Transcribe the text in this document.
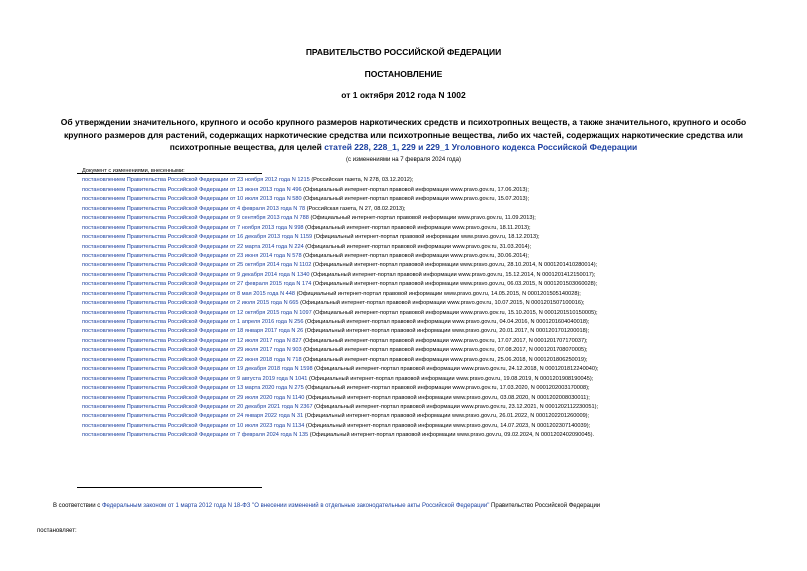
ПРАВИТЕЛЬСТВО РОССИЙСКОЙ ФЕДЕРАЦИИ
ПОСТАНОВЛЕНИЕ
от 1 октября 2012 года N 1002
Об утверждении значительного, крупного и особо крупного размеров наркотических средств и психотропных веществ, а также значительного, крупного и особо
крупного размеров для растений, содержащих наркотические средства или психотропные вещества, либо их частей, содержащих наркотические средства или
психотропные вещества, для целей статей 228, 228_1, 229 и 229_1 Уголовного кодекса Российской Федерации
(с изменениями на 7 февраля 2024 года)
Документ с изменениями, внесенными:
постановлением Правительства Российской Федерации от 23 ноября 2012 года N 1215 (Российская газета, N 278, 03.12.2012);
постановлением Правительства Российской Федерации от 13 июня 2013 года N 496 (Официальный интернет-портал правовой информации www.pravo.gov.ru, 17.06.2013);
постановлением Правительства Российской Федерации от 10 июля 2013 года N 580 (Официальный интернет-портал правовой информации www.pravo.gov.ru, 15.07.2013);
постановлением Правительства Российской Федерации от 4 февраля 2013 года N 78 (Российская газета, N 27, 08.02.2013);
постановлением Правительства Российской Федерации от 9 сентября 2013 года N 788 (Официальный интернет-портал правовой информации www.pravo.gov.ru, 11.09.2013);
постановлением Правительства Российской Федерации от 7 ноября 2013 года N 998 (Официальный интернет-портал правовой информации www.pravo.gov.ru, 18.11.2013);
постановлением Правительства Российской Федерации от 16 декабря 2013 года N 1159 (Официальный интернет-портал правовой информации www.pravo.gov.ru, 18.12.2013);
постановлением Правительства Российской Федерации от 22 марта 2014 года N 224 (Официальный интернет-портал правовой информации www.pravo.gov.ru, 31.03.2014);
постановлением Правительства Российской Федерации от 23 июня 2014 года N 578 (Официальный интернет-портал правовой информации www.pravo.gov.ru, 30.06.2014);
постановлением Правительства Российской Федерации от 25 октября 2014 года N 1102 (Официальный интернет-портал правовой информации www.pravo.gov.ru, 28.10.2014, N 0001201410280014);
постановлением Правительства Российской Федерации от 9 декабря 2014 года N 1340 (Официальный интернет-портал правовой информации www.pravo.gov.ru, 15.12.2014, N 0001201412150017);
постановлением Правительства Российской Федерации от 27 февраля 2015 года N 174 (Официальный интернет-портал правовой информации www.pravo.gov.ru, 06.03.2015, N 0001201503060028);
постановлением Правительства Российской Федерации от 8 мая 2015 года N 448 (Официальный интернет-портал правовой информации www.pravo.gov.ru, 14.05.2015, N 0001201505140028);
постановлением Правительства Российской Федерации от 2 июля 2015 года N 665 (Официальный интернет-портал правовой информации www.pravo.gov.ru, 10.07.2015, N 0001201507100016);
постановлением Правительства Российской Федерации от 12 октября 2015 года N 1097 (Официальный интернет-портал правовой информации www.pravo.gov.ru, 15.10.2015, N 0001201510150005);
постановлением Правительства Российской Федерации от 1 апреля 2016 года N 256 (Официальный интернет-портал правовой информации www.pravo.gov.ru, 04.04.2016, N 0001201604040018);
постановлением Правительства Российской Федерации от 18 января 2017 года N 26 (Официальный интернет-портал правовой информации www.pravo.gov.ru, 20.01.2017, N 0001201701200018);
постановлением Правительства Российской Федерации от 12 июля 2017 года N 827 (Официальный интернет-портал правовой информации www.pravo.gov.ru, 17.07.2017, N 0001201707170037);
постановлением Правительства Российской Федерации от 29 июля 2017 года N 903 (Официальный интернет-портал правовой информации www.pravo.gov.ru, 07.08.2017, N 0001201708070005);
постановлением Правительства Российской Федерации от 22 июня 2018 года N 718 (Официальный интернет-портал правовой информации www.pravo.gov.ru, 25.06.2018, N 0001201806250019);
постановлением Правительства Российской Федерации от 19 декабря 2018 года N 1598 (Официальный интернет-портал правовой информации www.pravo.gov.ru, 24.12.2018, N 0001201812240040);
постановлением Правительства Российской Федерации от 9 августа 2019 года N 1041 (Официальный интернет-портал правовой информации www.pravo.gov.ru, 19.08.2019, N 0001201908190045);
постановлением Правительства Российской Федерации от 13 марта 2020 года N 275 (Официальный интернет-портал правовой информации www.pravo.gov.ru, 17.03.2020, N 0001202003170008);
постановлением Правительства Российской Федерации от 29 июля 2020 года N 1140 (Официальный интернет-портал правовой информации www.pravo.gov.ru, 03.08.2020, N 0001202008030011);
постановлением Правительства Российской Федерации от 20 декабря 2021 года N 2367 (Официальный интернет-портал правовой информации www.pravo.gov.ru, 23.12.2021, N 0001202112230051);
постановлением Правительства Российской Федерации от 24 января 2022 года N 31 (Официальный интернет-портал правовой информации www.pravo.gov.ru, 26.01.2022, N 0001202201260009);
постановлением Правительства Российской Федерации от 10 июля 2023 года N 1134 (Официальный интернет-портал правовой информации www.pravo.gov.ru, 14.07.2023, N 0001202307140039);
постановлением Правительства Российской Федерации от 7 февраля 2024 года N 135 (Официальный интернет-портал правовой информации www.pravo.gov.ru, 09.02.2024, N 0001202402090045).
В соответствии с Федеральным законом от 1 марта 2012 года N 18-ФЗ "О внесении изменений в отдельные законодательные акты Российской Федерации" Правительство Российской Федерации
постановляет:
